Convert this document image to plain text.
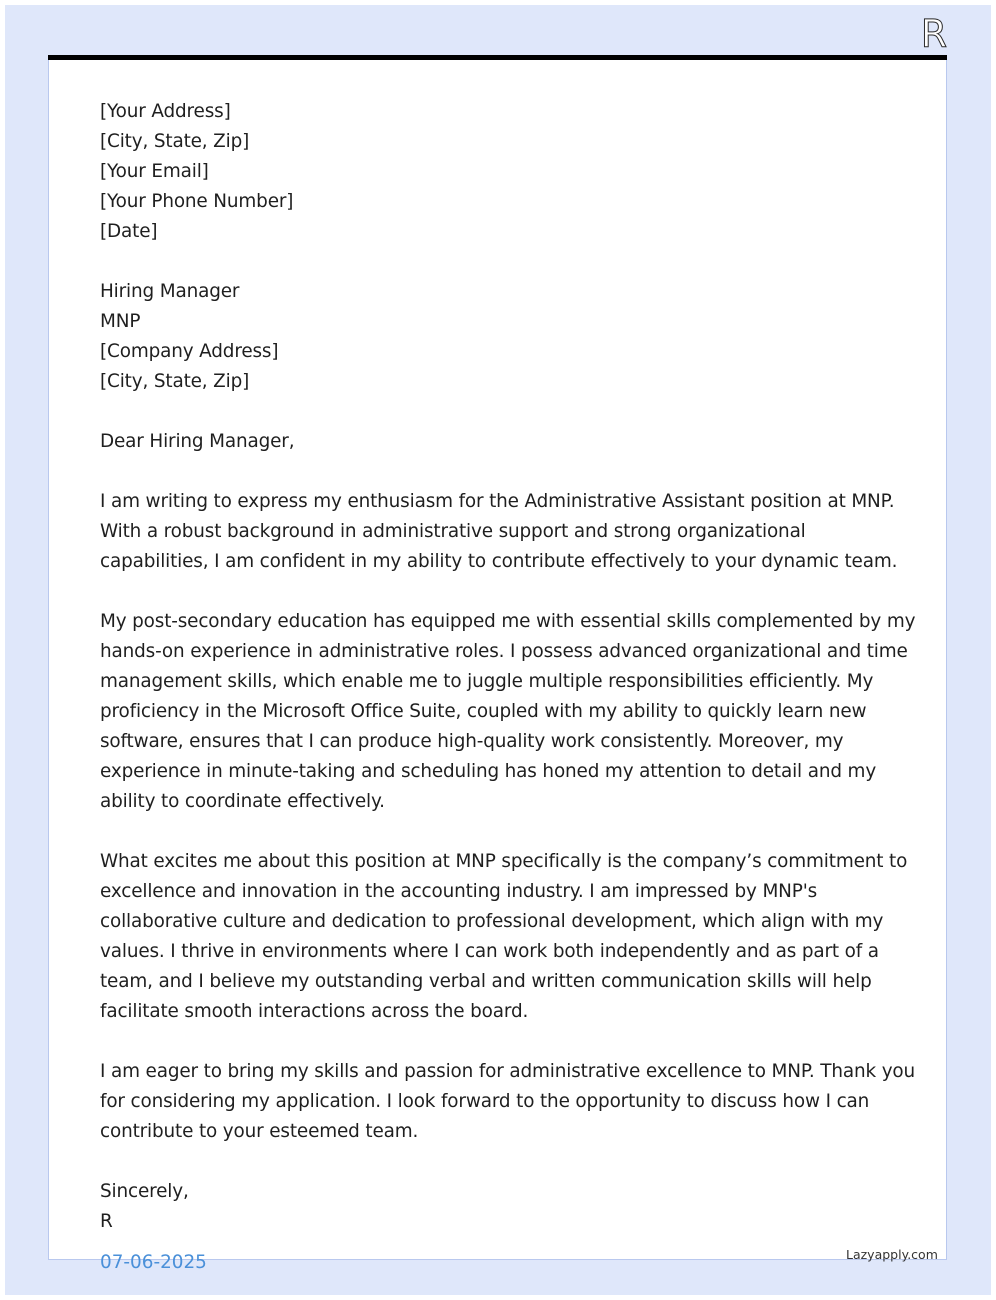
R
[Your Address]
[City, State, Zip]
[Your Email]
[Your Phone Number]
[Date]
Hiring Manager
MNP
[Company Address]
[City, State, Zip]
Dear Hiring Manager,
I am writing to express my enthusiasm for the Administrative Assistant position at MNP.
With a robust background in administrative support and strong organizational
capabilities, I am confident in my ability to contribute effectively to your dynamic team.
My post-secondary education has equipped me with essential skills complemented by my
hands-on experience in administrative roles. I possess advanced organizational and time
management skills, which enable me to juggle multiple responsibilities efficiently. My
proficiency in the Microsoft Office Suite, coupled with my ability to quickly learn new
software, ensures that I can produce high-quality work consistently. Moreover, my
experience in minute-taking and scheduling has honed my attention to detail and my
ability to coordinate effectively.
What excites me about this position at MNP specifically is the company’s commitment to
excellence and innovation in the accounting industry. I am impressed by MNP's
collaborative culture and dedication to professional development, which align with my
values. I thrive in environments where I can work both independently and as part of a
team, and I believe my outstanding verbal and written communication skills will help
facilitate smooth interactions across the board.
I am eager to bring my skills and passion for administrative excellence to MNP. Thank you
for considering my application. I look forward to the opportunity to discuss how I can
contribute to your esteemed team.
Sincerely,
R
07-06-2025	Lazyapply.com
